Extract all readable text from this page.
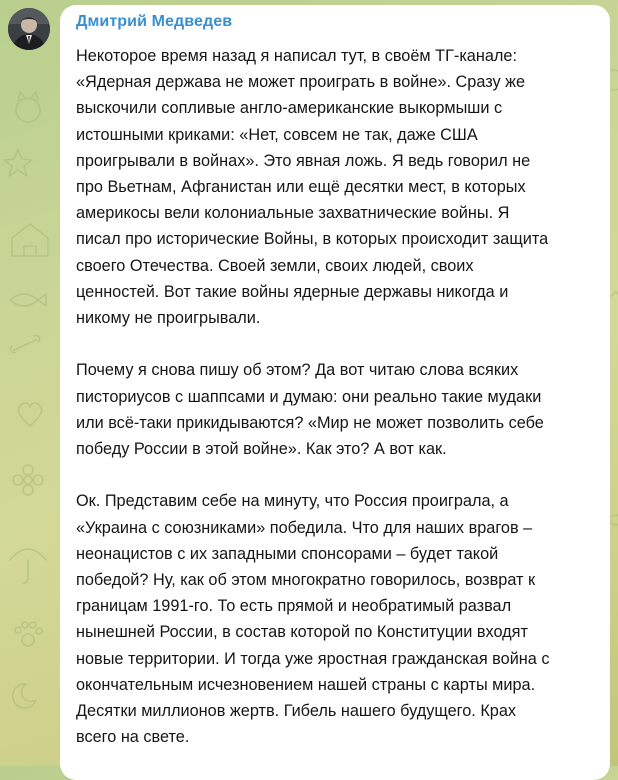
Дмитрий Медведев
Некоторое время назад я написал тут, в своём ТГ-канале:
«Ядерная держава не может проиграть в войне». Сразу же
выскочили сопливые англо-американские выкормыши с
истошными криками: «Нет, совсем не так, даже США
проигрывали в войнах». Это явная ложь. Я ведь говорил не
про Вьетнам, Афганистан или ещё десятки мест, в которых
америкосы вели колониальные захватнические войны. Я
писал про исторические Войны, в которых происходит защита
своего Отечества. Своей земли, своих людей, своих
ценностей. Вот такие войны ядерные державы никогда и
никому не проигрывали.
Почему я снова пишу об этом? Да вот читаю слова всяких
писториусов с шаппсами и думаю: они реально такие мудаки
или всё-таки прикидываются? «Мир не может позволить себе
победу России в этой войне». Как это? А вот как.
Ок. Представим себе на минуту, что Россия проиграла, а
«Украина с союзниками» победила. Что для наших врагов –
неонацистов с их западными спонсорами – будет такой
победой? Ну, как об этом многократно говорилось, возврат к
границам 1991-го. То есть прямой и необратимый развал
нынешней России, в состав которой по Конституции входят
новые территории. И тогда уже яростная гражданская война с
окончательным исчезновением нашей страны с карты мира.
Десятки миллионов жертв. Гибель нашего будущего. Крах
всего на свете.
